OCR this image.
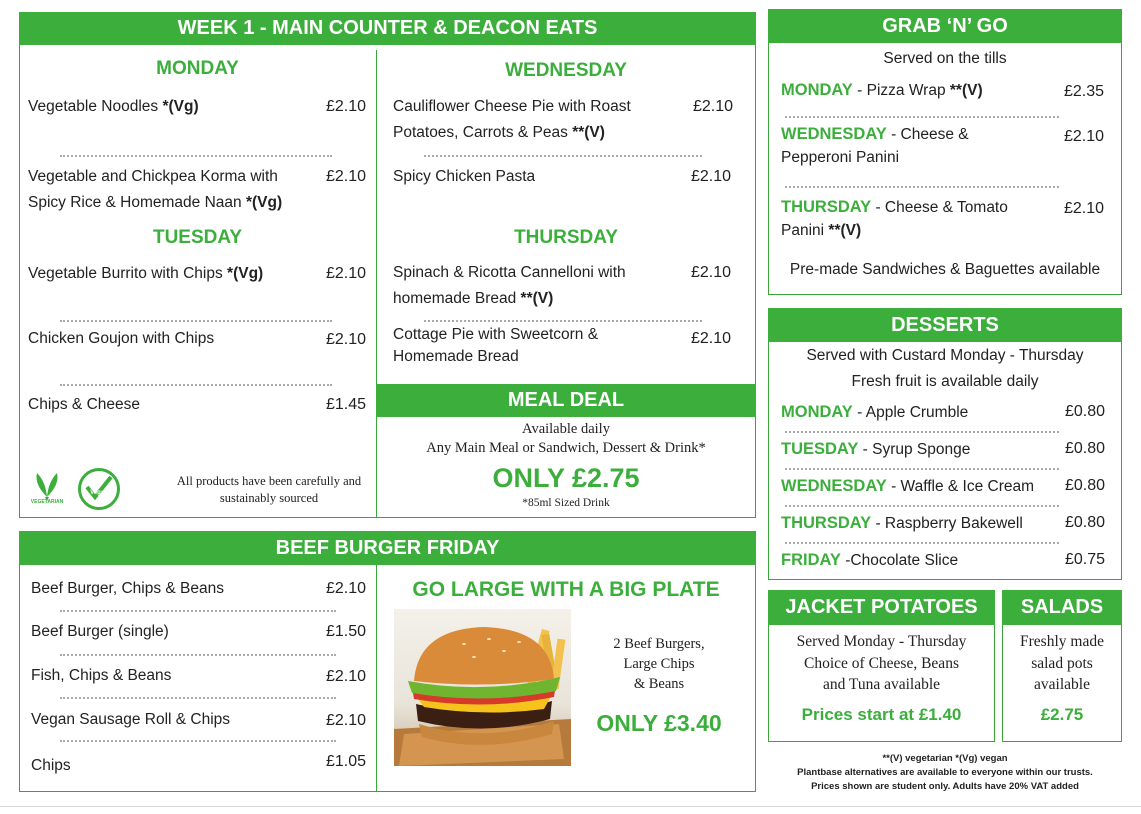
WEEK 1 - MAIN COUNTER & DEACON EATS
MONDAY
Vegetable Noodles *(Vg)	£2.10
Vegetable and Chickpea Korma with Spicy Rice & Homemade Naan *(Vg)
£2.10
TUESDAY
Vegetable Burrito with Chips *(Vg)	£2.10
Chicken Goujon with Chips	£2.10
Chips & Cheese	£1.45
VEGETARIAN
Vegan
All products have been carefully and sustainably sourced
WEDNESDAY
Cauliflower Cheese Pie with Roast Potatoes, Carrots & Peas **(V)
£2.10
Spicy Chicken Pasta	£2.10
THURSDAY
Spinach & Ricotta Cannelloni with homemade Bread **(V)
£2.10
Cottage Pie with Sweetcorn & Homemade Bread
£2.10
MEAL DEAL
Available daily
Any Main Meal or Sandwich, Dessert & Drink*
ONLY £2.75
*85ml Sized Drink
BEEF BURGER FRIDAY
Beef Burger, Chips & Beans	£2.10
Beef Burger (single)	£1.50
Fish, Chips & Beans	£2.10
Vegan Sausage Roll & Chips	£2.10
Chips	£1.05
GO LARGE WITH A BIG PLATE
2 Beef Burgers,
Large Chips
& Beans
ONLY £3.40
GRAB ‘N’ GO
Served on the tills
MONDAY - Pizza Wrap **(V)	£2.35
WEDNESDAY - Cheese & Pepperoni Panini
£2.10
THURSDAY - Cheese & Tomato Panini **(V)
£2.10
Pre-made Sandwiches & Baguettes available
DESSERTS
Served with Custard Monday - Thursday
Fresh fruit is available daily
MONDAY - Apple Crumble	£0.80
TUESDAY - Syrup Sponge	£0.80
WEDNESDAY - Waffle & Ice Cream	£0.80
THURSDAY - Raspberry Bakewell	£0.80
FRIDAY -Chocolate Slice	£0.75
JACKET POTATOES
Served Monday - Thursday
Choice of Cheese, Beans
and Tuna available
Prices start at £1.40
SALADS
Freshly made
salad pots
available
£2.75
**(V) vegetarian *(Vg) vegan
Plantbase alternatives are available to everyone within our trusts.
Prices shown are student only. Adults have 20% VAT added
